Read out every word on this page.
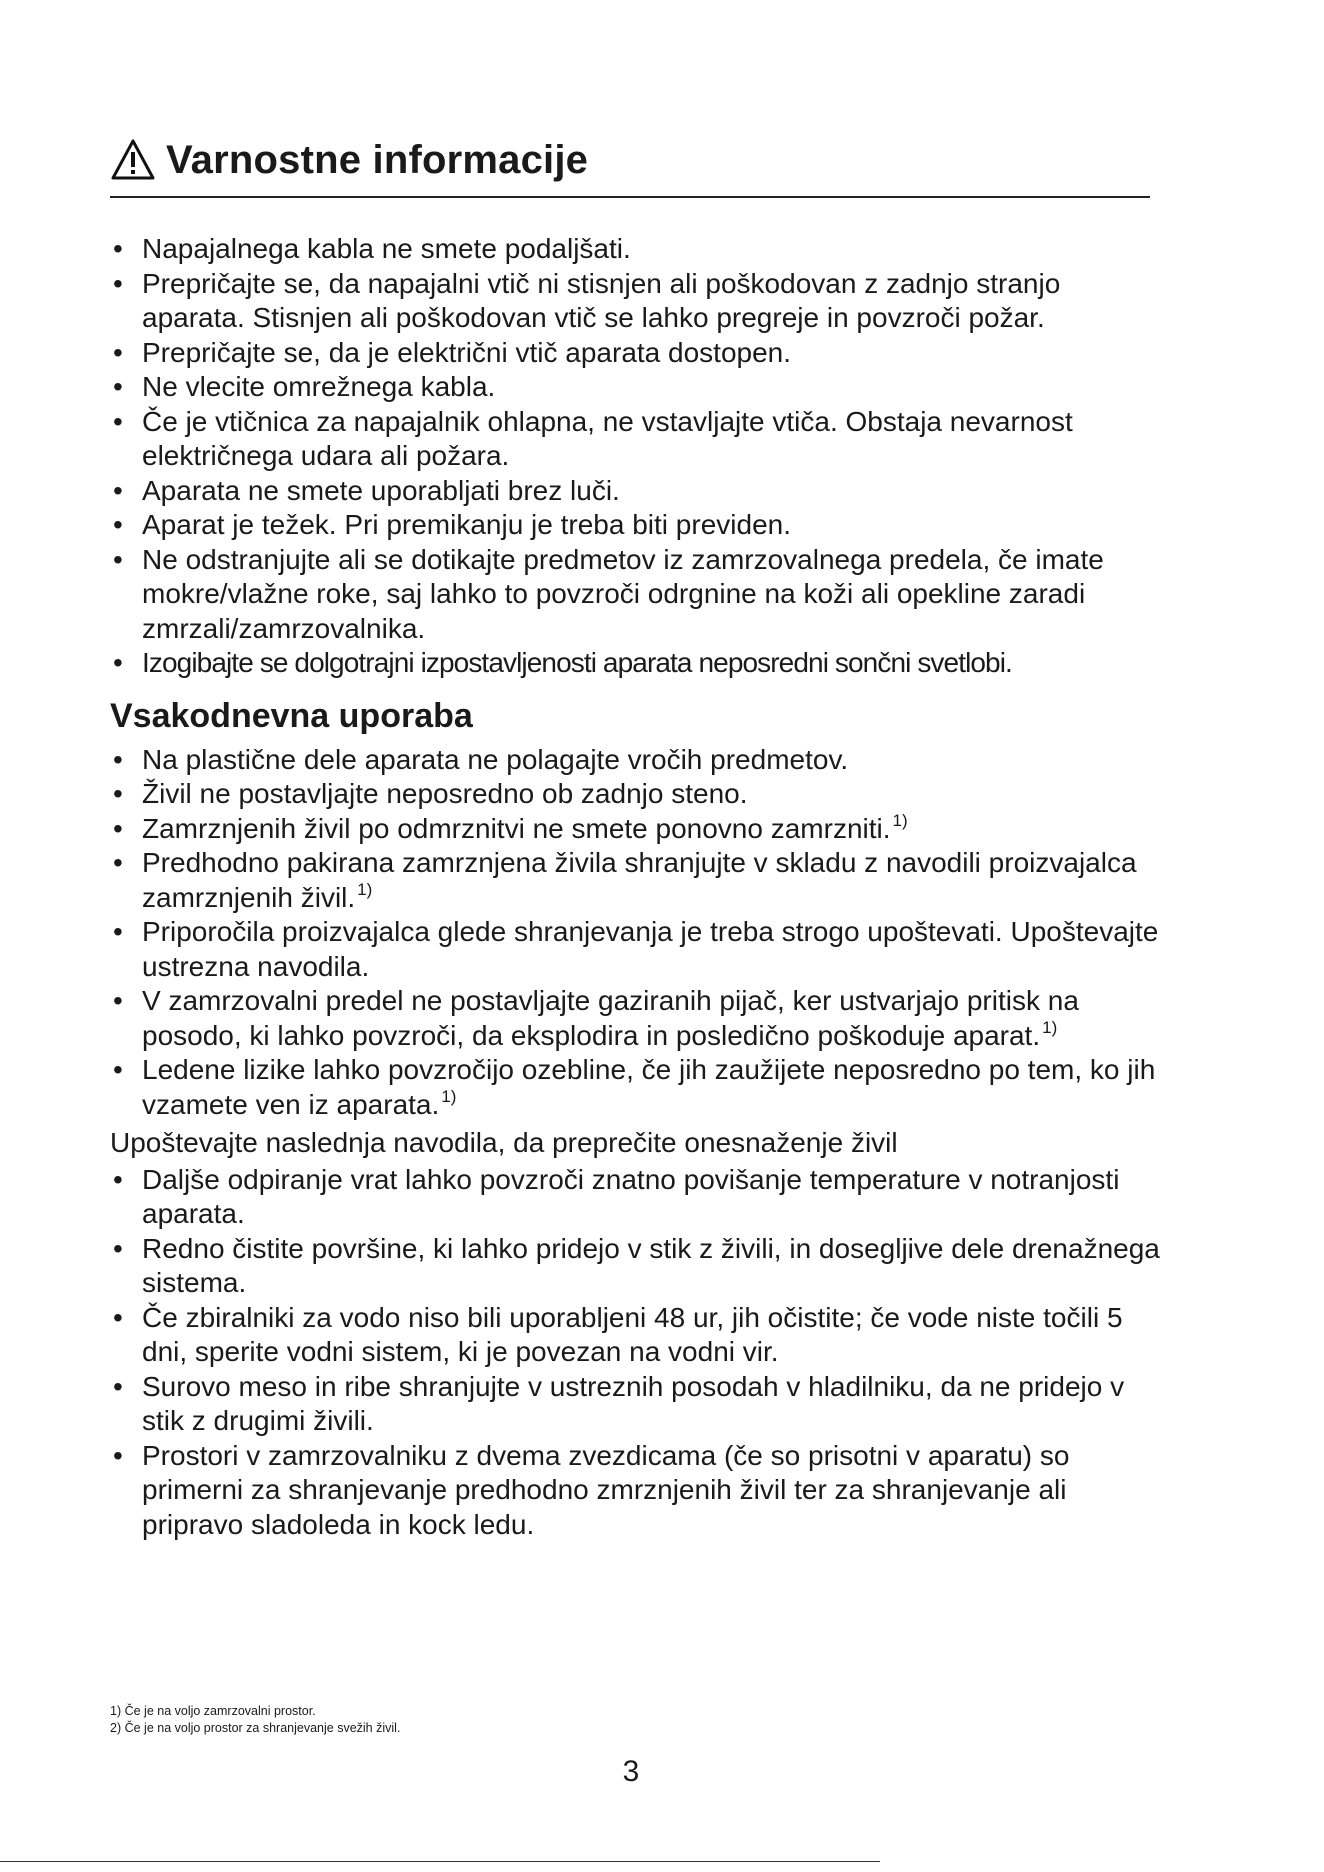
Varnostne informacije
• Napajalnega kabla ne smete podaljšati.
• Prepričajte se, da napajalni vtič ni stisnjen ali poškodovan z zadnjo stranjo aparata. Stisnjen ali poškodovan vtič se lahko pregreje in povzroči požar.
• Prepričajte se, da je električni vtič aparata dostopen.
• Ne vlecite omrežnega kabla.
• Če je vtičnica za napajalnik ohlapna, ne vstavljajte vtiča. Obstaja nevarnost električnega udara ali požara.
• Aparata ne smete uporabljati brez luči.
• Aparat je težek. Pri premikanju je treba biti previden.
• Ne odstranjujte ali se dotikajte predmetov iz zamrzovalnega predela, če imate mokre/vlažne roke, saj lahko to povzroči odrgnine na koži ali opekline zaradi zmrzali/zamrzovalnika.
• Izogibajte se dolgotrajni izpostavljenosti aparata neposredni sončni svetlobi.
Vsakodnevna uporaba
• Na plastične dele aparata ne polagajte vročih predmetov.
• Živil ne postavljajte neposredno ob zadnjo steno.
• Zamrznjenih živil po odmrznitvi ne smete ponovno zamrzniti. $^{1)}$
• Predhodno pakirana zamrznjena živila shranjujte v skladu z navodili proizvajalca zamrznjenih živil. $^{1)}$
• Priporočila proizvajalca glede shranjevanja je treba strogo upoštevati. Upoštevajte ustrezna navodila.
• V zamrzovalni predel ne postavljajte gaziranih pijač, ker ustvarjajo pritisk na posodo, ki lahko povzroči, da eksplodira in posledično poškoduje aparat. $^{1)}$
• Ledene lizike lahko povzročijo ozebline, če jih zaužijete neposredno po tem, ko jih vzamete ven iz aparata. $^{1)}$
Upoštevajte naslednja navodila, da preprečite onesnaženje živil
• Daljše odpiranje vrat lahko povzroči znatno povišanje temperature v notranjosti aparata.
• Redno čistite površine, ki lahko pridejo v stik z živili, in dosegljive dele drenažnega sistema.
• Če zbiralniki za vodo niso bili uporabljeni 48 ur, jih očistite; če vode niste točili 5 dni, sperite vodni sistem, ki je povezan na vodni vir.
• Surovo meso in ribe shranjujte v ustreznih posodah v hladilniku, da ne pridejo v stik z drugimi živili.
• Prostori v zamrzovalniku z dvema zvezdicama (če so prisotni v aparatu) so primerni za shranjevanje predhodno zmrznjenih živil ter za shranjevanje ali pripravo sladoleda in kock ledu.
1) Če je na voljo zamrzovalni prostor.
2) Če je na voljo prostor za shranjevanje svežih živil.
3
